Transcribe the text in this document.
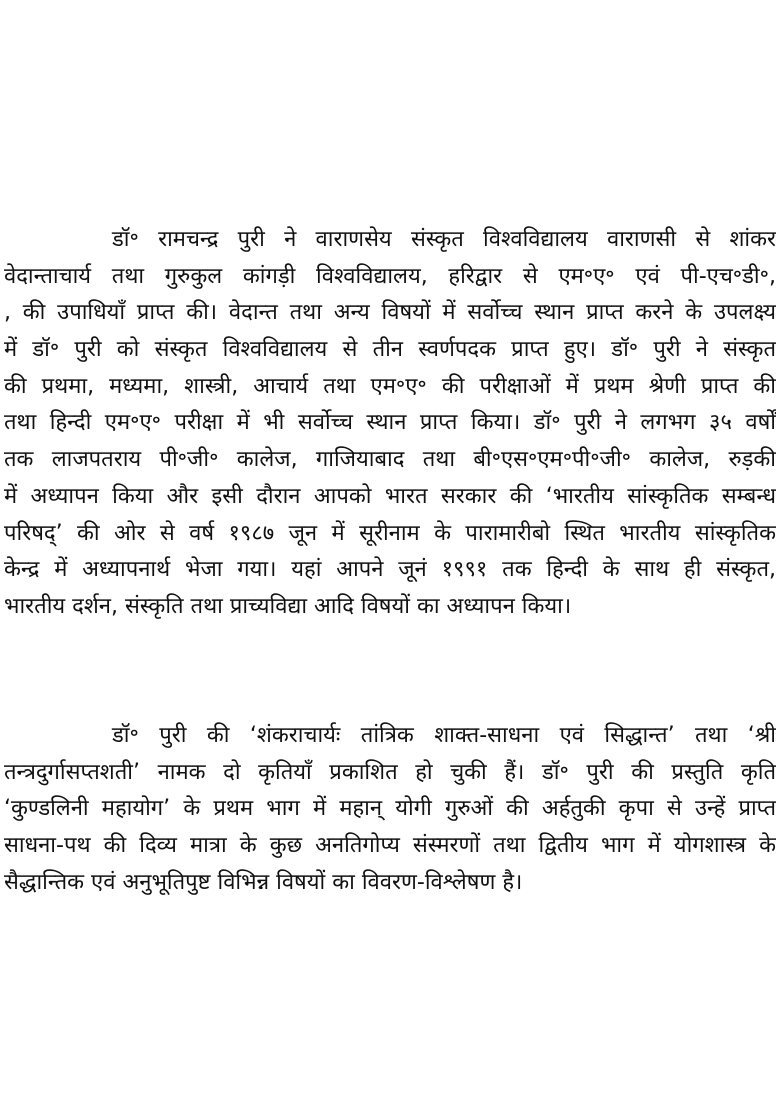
डॉ॰ रामचन्द्र पुरी ने वाराणसेय संस्कृत विश्वविद्यालय वाराणसी से शांकर
वेदान्ताचार्य तथा गुरुकुल कांगड़ी विश्वविद्यालय, हरिद्वार से एम॰ए॰ एवं पी-एच॰डी॰,
, की उपाधियाँ प्राप्त की। वेदान्त तथा अन्य विषयों में सर्वोच्च स्थान प्राप्त करने के उपलक्ष्य
में डॉ॰ पुरी को संस्कृत विश्वविद्यालय से तीन स्वर्णपदक प्राप्त हुए। डॉ॰ पुरी ने संस्कृत
की प्रथमा, मध्यमा, शास्त्री, आचार्य तथा एम॰ए॰ की परीक्षाओं में प्रथम श्रेणी प्राप्त की
तथा हिन्दी एम॰ए॰ परीक्षा में भी सर्वोच्च स्थान प्राप्त किया। डॉ॰ पुरी ने लगभग ३५ वर्षों
तक लाजपतराय पी॰जी॰ कालेज, गाजियाबाद तथा बी॰एस॰एम॰पी॰जी॰ कालेज, रुड़की
में अध्यापन किया और इसी दौरान आपको भारत सरकार की ‘भारतीय सांस्कृतिक सम्बन्ध
परिषद्’ की ओर से वर्ष १९८७ जून में सूरीनाम के पारामारीबो स्थित भारतीय सांस्कृतिक
केन्द्र में अध्यापनार्थ भेजा गया। यहां आपने जूनं १९९१ तक हिन्दी के साथ ही संस्कृत,
भारतीय दर्शन, संस्कृति तथा प्राच्यविद्या आदि विषयों का अध्यापन किया।
डॉ॰ पुरी की ‘शंकराचार्यः तांत्रिक शाक्त-साधना एवं सिद्धान्त’ तथा ‘श्री
तन्त्रदुर्गासप्तशती’ नामक दो कृतियाँ प्रकाशित हो चुकी हैं। डॉ॰ पुरी की प्रस्तुति कृति
‘कुण्डलिनी महायोग’ के प्रथम भाग में महान् योगी गुरुओं की अर्हतुकी कृपा से उन्हें प्राप्त
साधना-पथ की दिव्य मात्रा के कुछ अनतिगोप्य संस्मरणों तथा द्वितीय भाग में योगशास्त्र के
सैद्धान्तिक एवं अनुभूतिपुष्ट विभिन्न विषयों का विवरण-विश्लेषण है।
